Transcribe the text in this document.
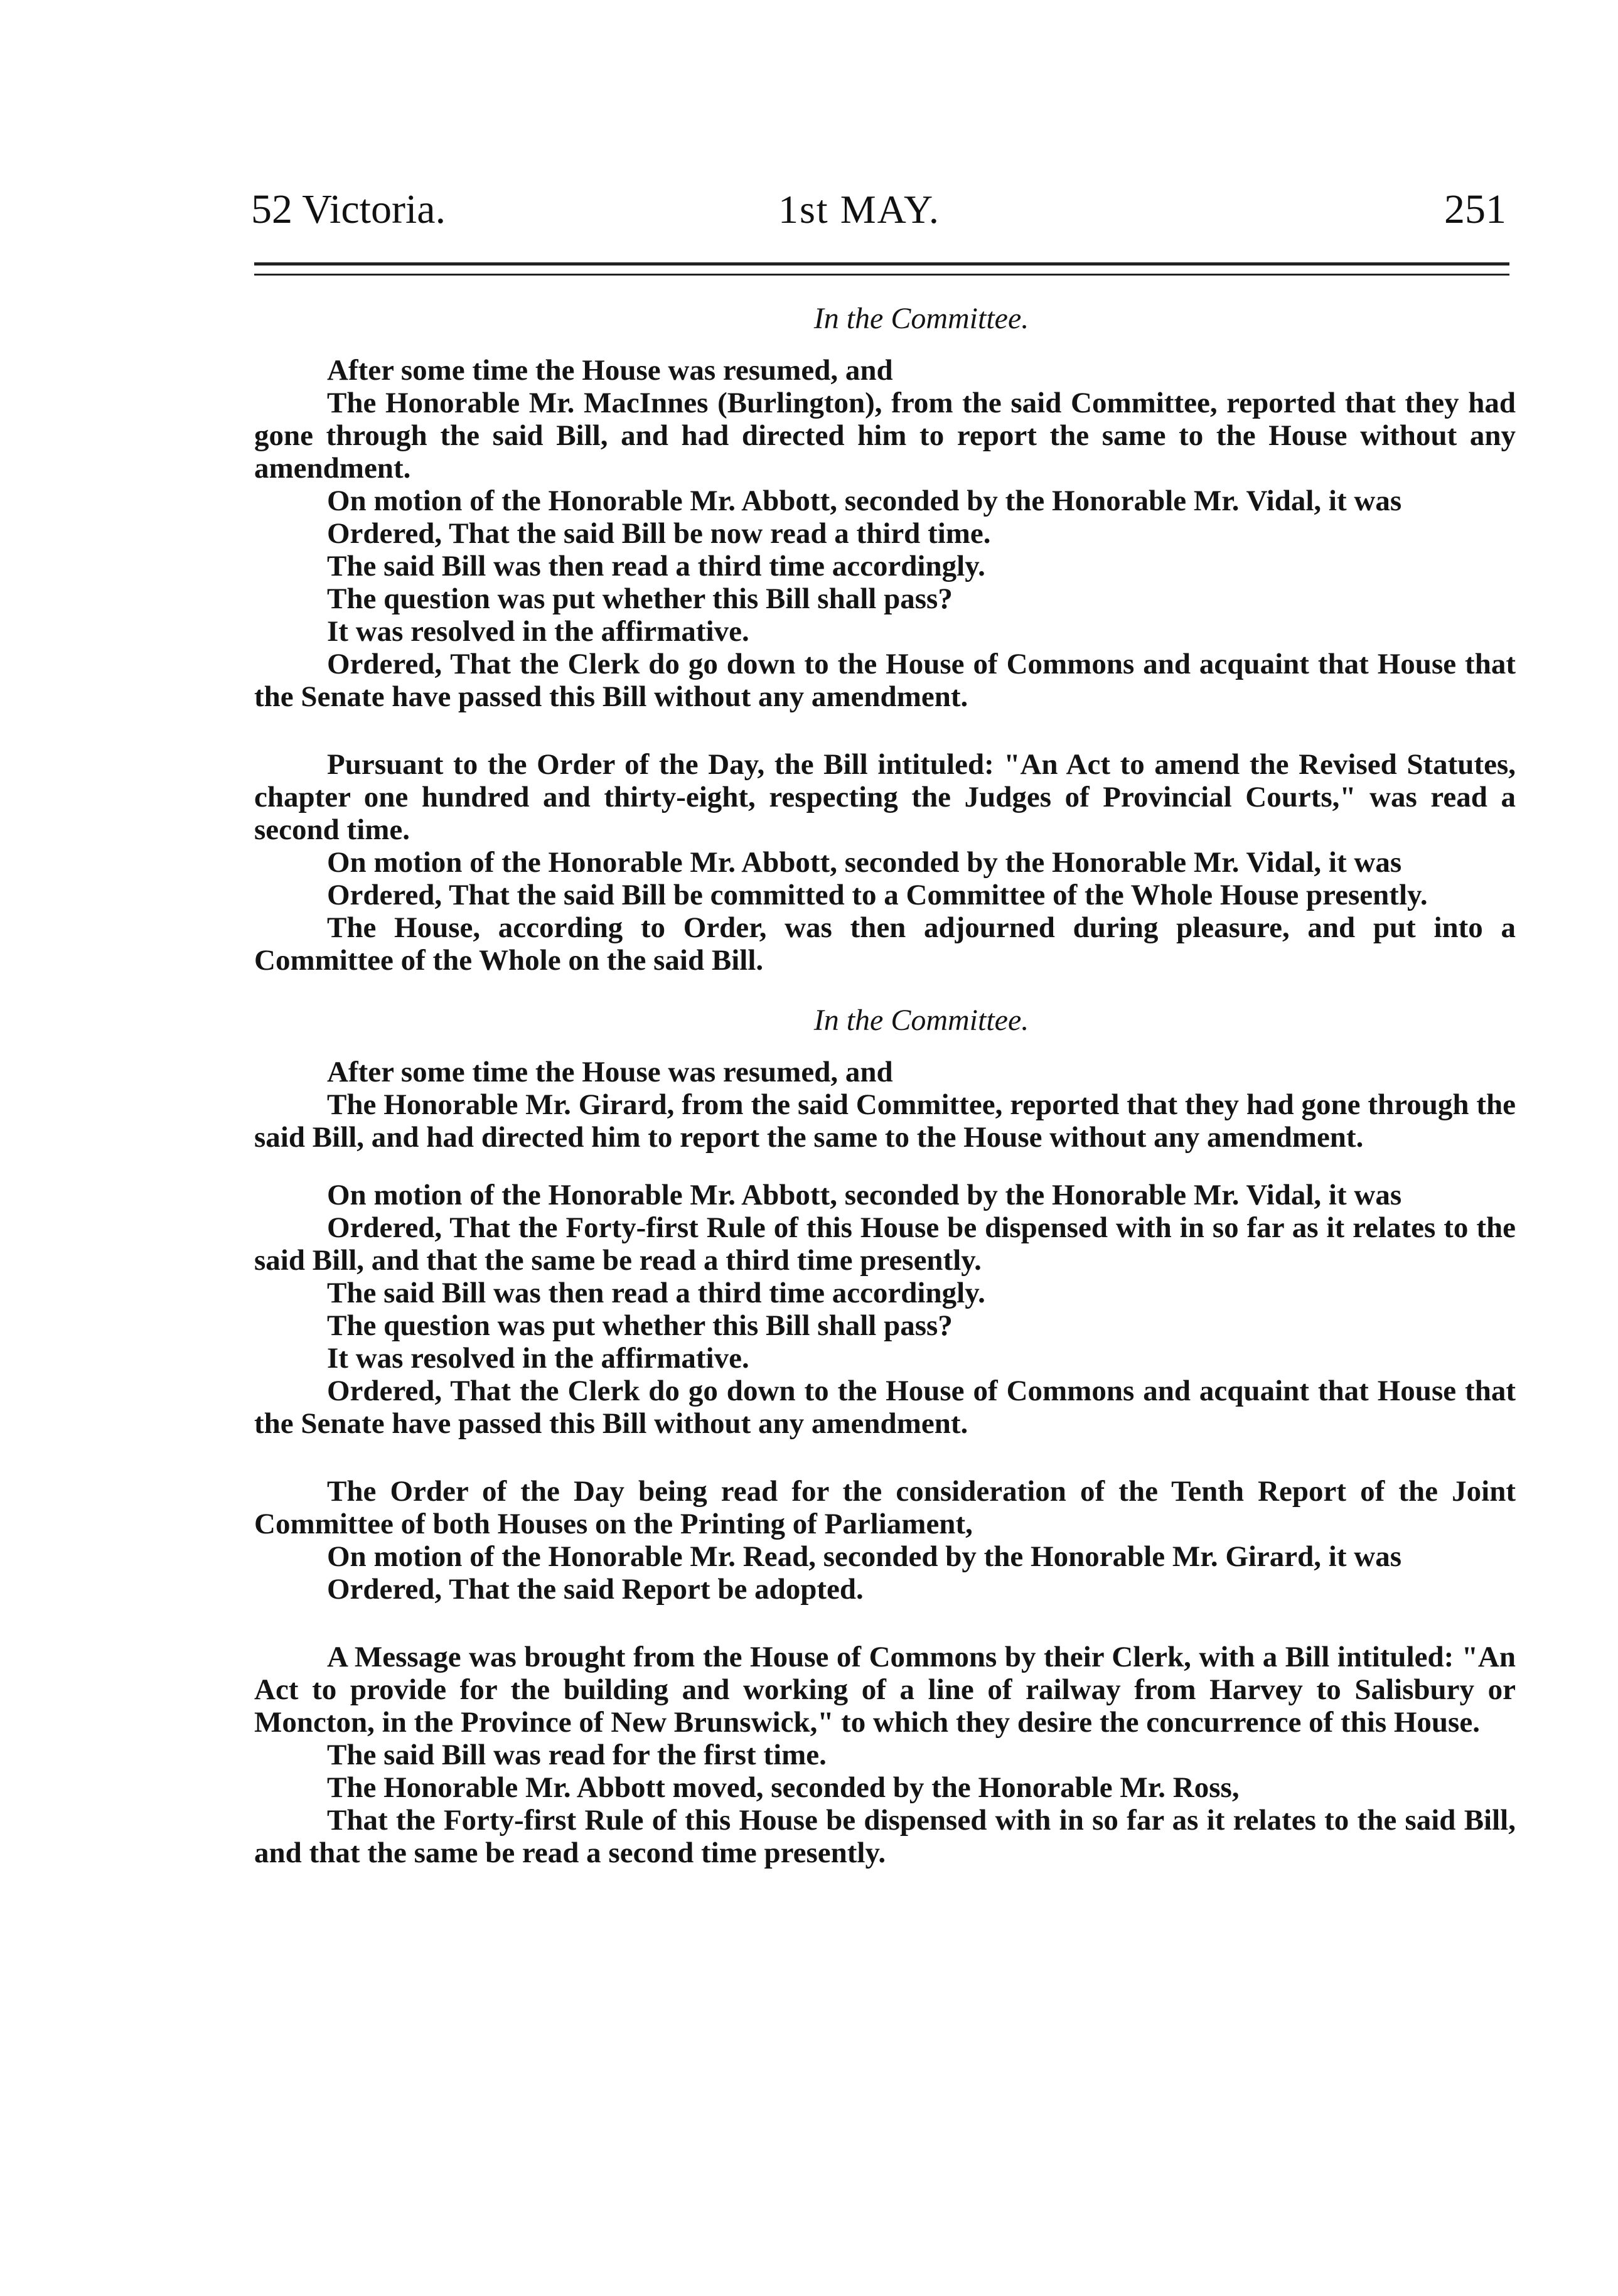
52 Victoria.	1st MAY.	251

In the Committee.

After some time the House was resumed, and

The Honorable Mr. MacInnes (Burlington), from the said Committee, reported that they had gone through the said Bill, and had directed him to report the same to the House without any amendment.

On motion of the Honorable Mr. Abbott, seconded by the Honorable Mr. Vidal, it was

Ordered, That the said Bill be now read a third time.

The said Bill was then read a third time accordingly.

The question was put whether this Bill shall pass?

It was resolved in the affirmative.

Ordered, That the Clerk do go down to the House of Commons and acquaint that House that the Senate have passed this Bill without any amendment.

Pursuant to the Order of the Day, the Bill intituled: "An Act to amend the Revised Statutes, chapter one hundred and thirty-eight, respecting the Judges of Provincial Courts," was read a second time.

On motion of the Honorable Mr. Abbott, seconded by the Honorable Mr. Vidal, it was

Ordered, That the said Bill be committed to a Committee of the Whole House presently.

The House, according to Order, was then adjourned during pleasure, and put into a Committee of the Whole on the said Bill.

In the Committee.

After some time the House was resumed, and

The Honorable Mr. Girard, from the said Committee, reported that they had gone through the said Bill, and had directed him to report the same to the House without any amendment.

On motion of the Honorable Mr. Abbott, seconded by the Honorable Mr. Vidal, it was

Ordered, That the Forty-first Rule of this House be dispensed with in so far as it relates to the said Bill, and that the same be read a third time presently.

The said Bill was then read a third time accordingly.

The question was put whether this Bill shall pass?

It was resolved in the affirmative.

Ordered, That the Clerk do go down to the House of Commons and acquaint that House that the Senate have passed this Bill without any amendment.

The Order of the Day being read for the consideration of the Tenth Report of the Joint Committee of both Houses on the Printing of Parliament,

On motion of the Honorable Mr. Read, seconded by the Honorable Mr. Girard, it was

Ordered, That the said Report be adopted.

A Message was brought from the House of Commons by their Clerk, with a Bill intituled: "An Act to provide for the building and working of a line of railway from Harvey to Salisbury or Moncton, in the Province of New Brunswick," to which they desire the concurrence of this House.

The said Bill was read for the first time.

The Honorable Mr. Abbott moved, seconded by the Honorable Mr. Ross,

That the Forty-first Rule of this House be dispensed with in so far as it relates to the said Bill, and that the same be read a second time presently.
